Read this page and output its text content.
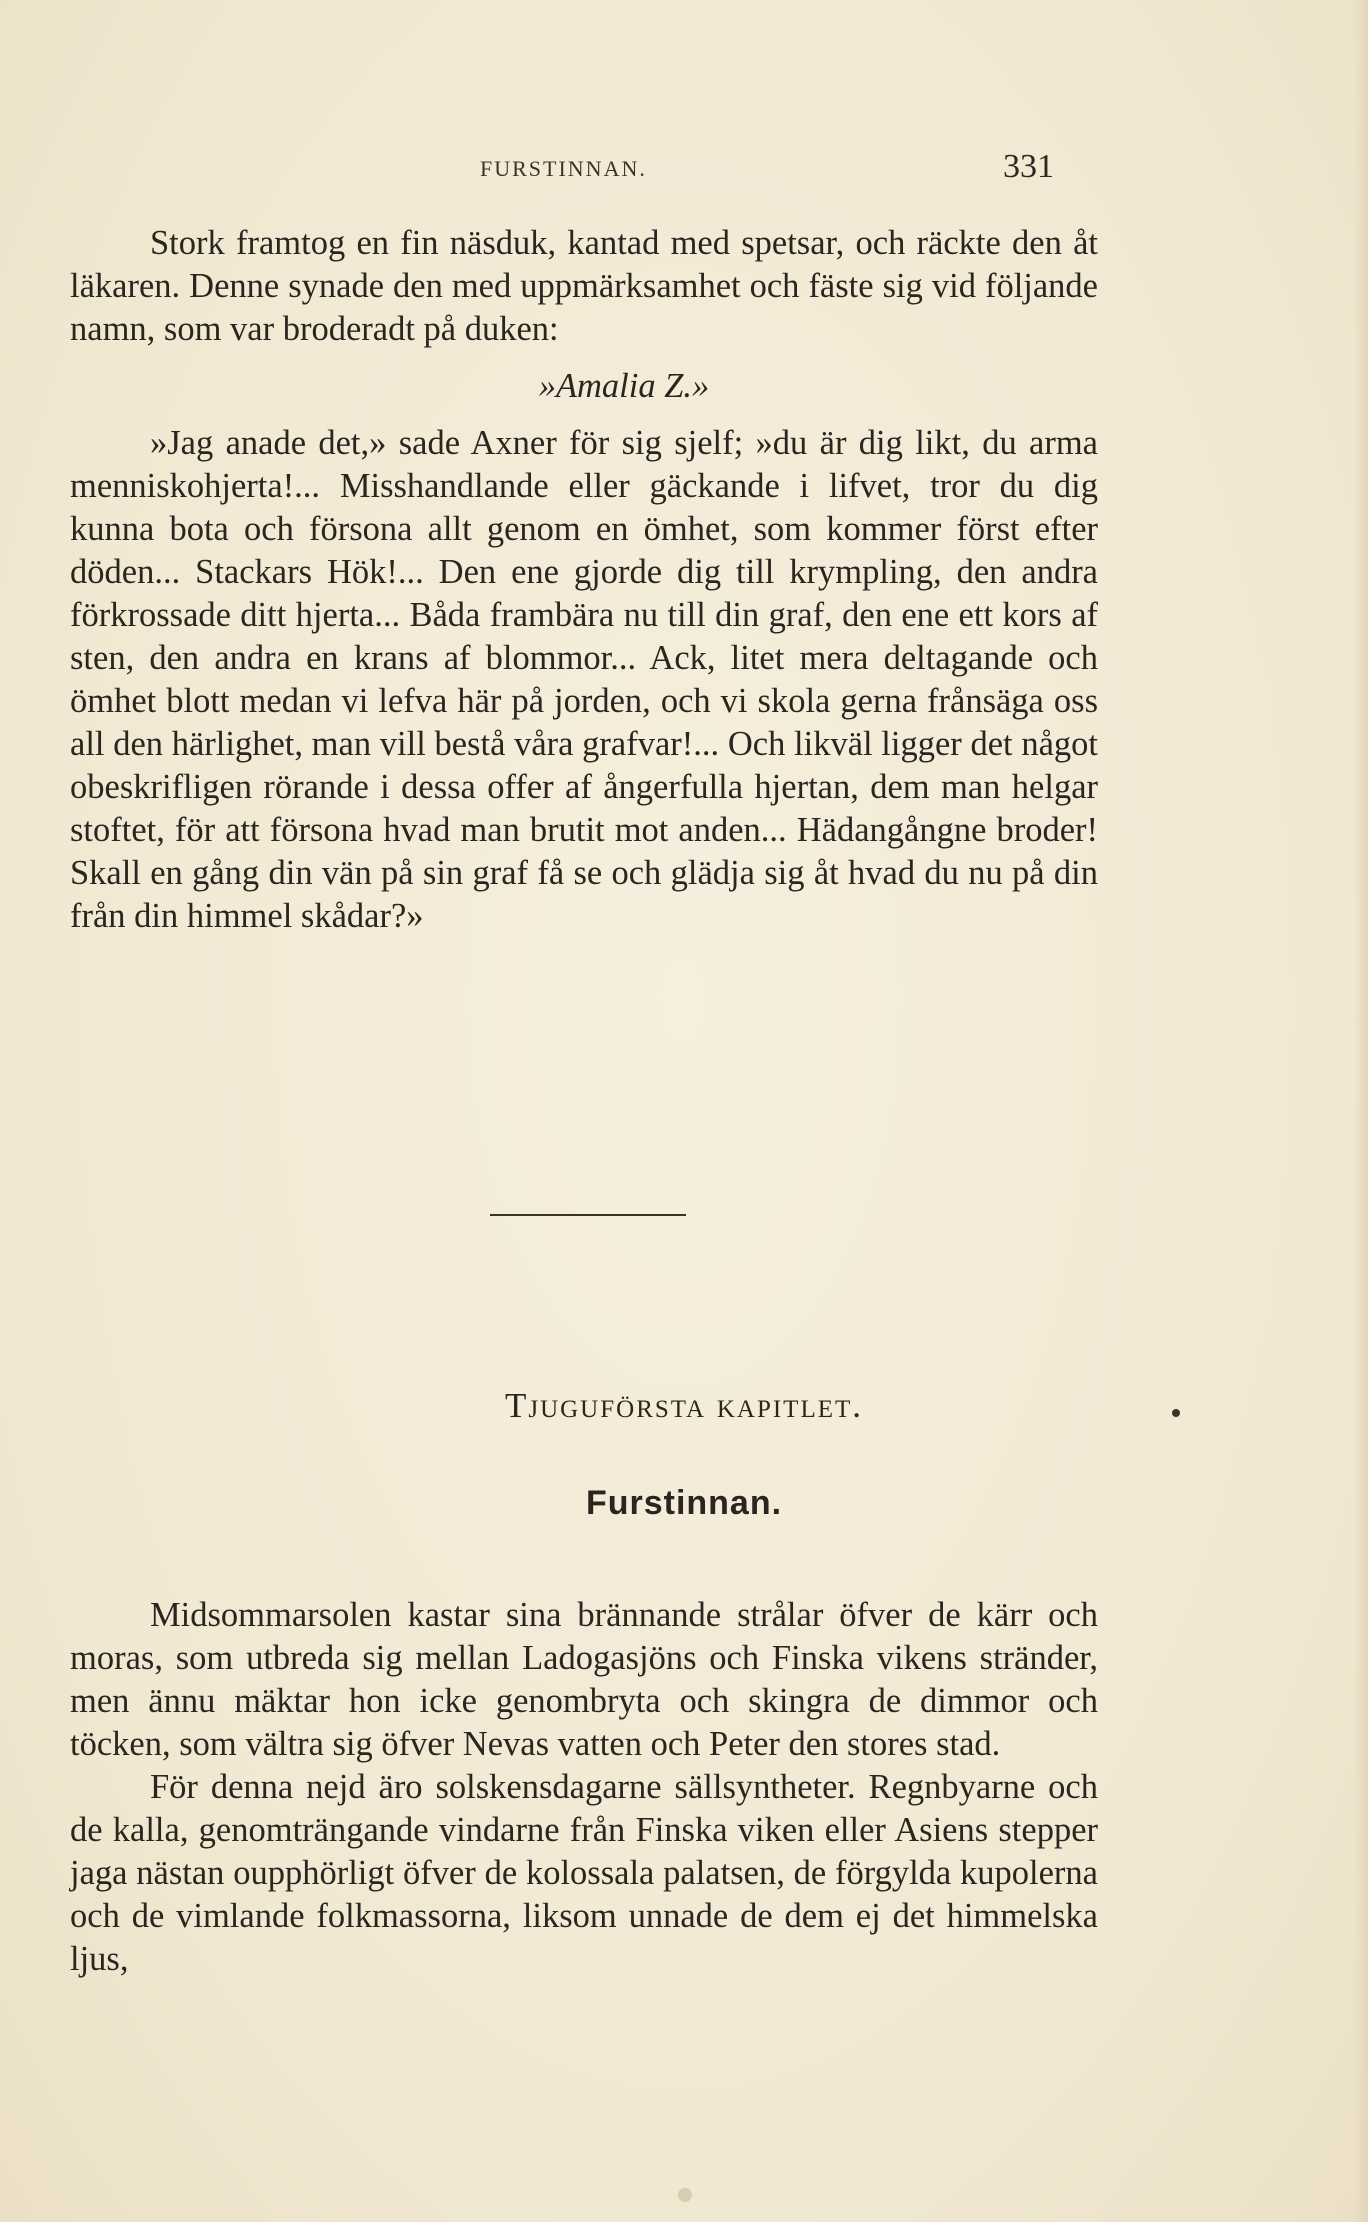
FURSTINNAN.	331

Stork framtog en fin näsduk, kantad med spetsar, och räckte den åt läkaren. Denne synade den med uppmärksamhet och fäste sig vid följande namn, som var broderadt på duken:

»Amalia Z.»

»Jag anade det,» sade Axner för sig sjelf; »du är dig likt, du arma menniskohjerta!... Misshandlande eller gäckande i lifvet, tror du dig kunna bota och försona allt genom en ömhet, som kommer först efter döden... Stackars Hök!... Den ene gjorde dig till krympling, den andra förkrossade ditt hjerta... Båda frambära nu till din graf, den ene ett kors af sten, den andra en krans af blommor... Ack, litet mera deltagande och ömhet blott medan vi lefva här på jorden, och vi skola gerna frånsäga oss all den härlighet, man vill bestå våra grafvar!... Och likväl ligger det något obeskrifligen rörande i dessa offer af ångerfulla hjertan, dem man helgar stoftet, för att försona hvad man brutit mot anden... Hädangångne broder! Skall en gång din vän på sin graf få se och glädja sig åt hvad du nu på din från din himmel skådar?»

Tjuguförsta kapitlet.
Furstinnan.

Midsommarsolen kastar sina brännande strålar öfver de kärr och moras, som utbreda sig mellan Ladogasjöns och Finska vikens stränder, men ännu mäktar hon icke genombryta och skingra de dimmor och töcken, som vältra sig öfver Nevas vatten och Peter den stores stad.

För denna nejd äro solskensdagarne sällsyntheter. Regnbyarne och de kalla, genomträngande vindarne från Finska viken eller Asiens stepper jaga nästan oupphörligt öfver de kolossala palatsen, de förgylda kupolerna och de vimlande folkmassorna, liksom unnade de dem ej det himmelska ljus,
